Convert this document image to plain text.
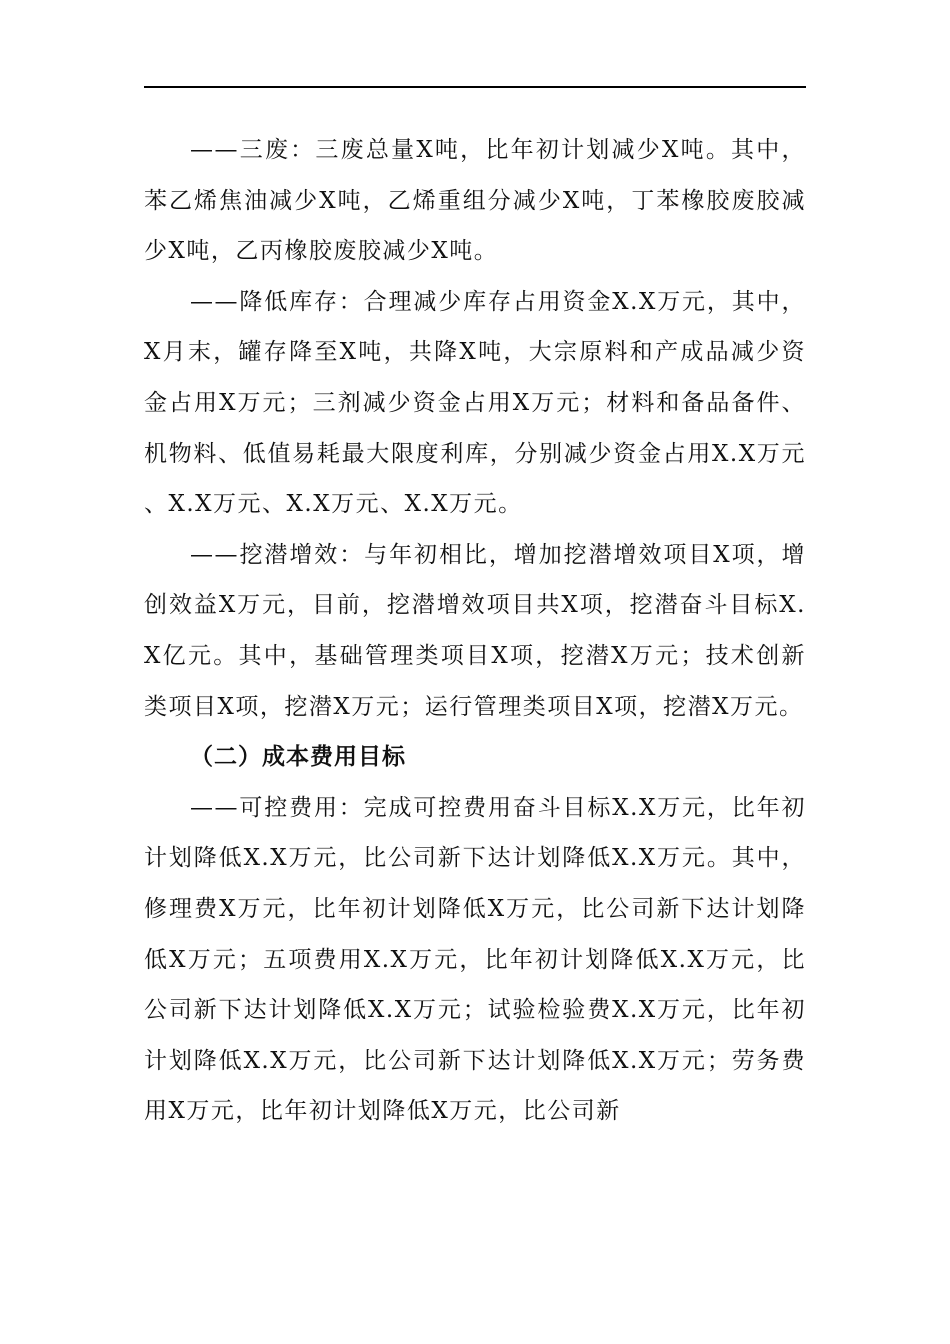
——三废：三废总量X吨，比年初计划减少X吨。其中，苯乙烯焦油减少X吨，乙烯重组分减少X吨，丁苯橡胶废胶减少X吨，乙丙橡胶废胶减少X吨。

——降低库存：合理减少库存占用资金X.X万元，其中，X月末，罐存降至X吨，共降X吨，大宗原料和产成品减少资金占用X万元；三剂减少资金占用X万元；材料和备品备件、机物料、低值易耗最大限度利库，分别减少资金占用X.X万元、X.X万元、X.X万元、X.X万元。

——挖潜增效：与年初相比，增加挖潜增效项目X项，增创效益X万元，目前，挖潜增效项目共X项，挖潜奋斗目标X.X亿元。其中，基础管理类项目X项，挖潜X万元；技术创新类项目X项，挖潜X万元；运行管理类项目X项，挖潜X万元。

（二）成本费用目标

——可控费用：完成可控费用奋斗目标X.X万元，比年初计划降低X.X万元，比公司新下达计划降低X.X万元。其中，修理费X万元，比年初计划降低X万元，比公司新下达计划降低X万元；五项费用X.X万元，比年初计划降低X.X万元，比公司新下达计划降低X.X万元；试验检验费X.X万元，比年初计划降低X.X万元，比公司新下达计划降低X.X万元；劳务费用X万元，比年初计划降低X万元，比公司新
